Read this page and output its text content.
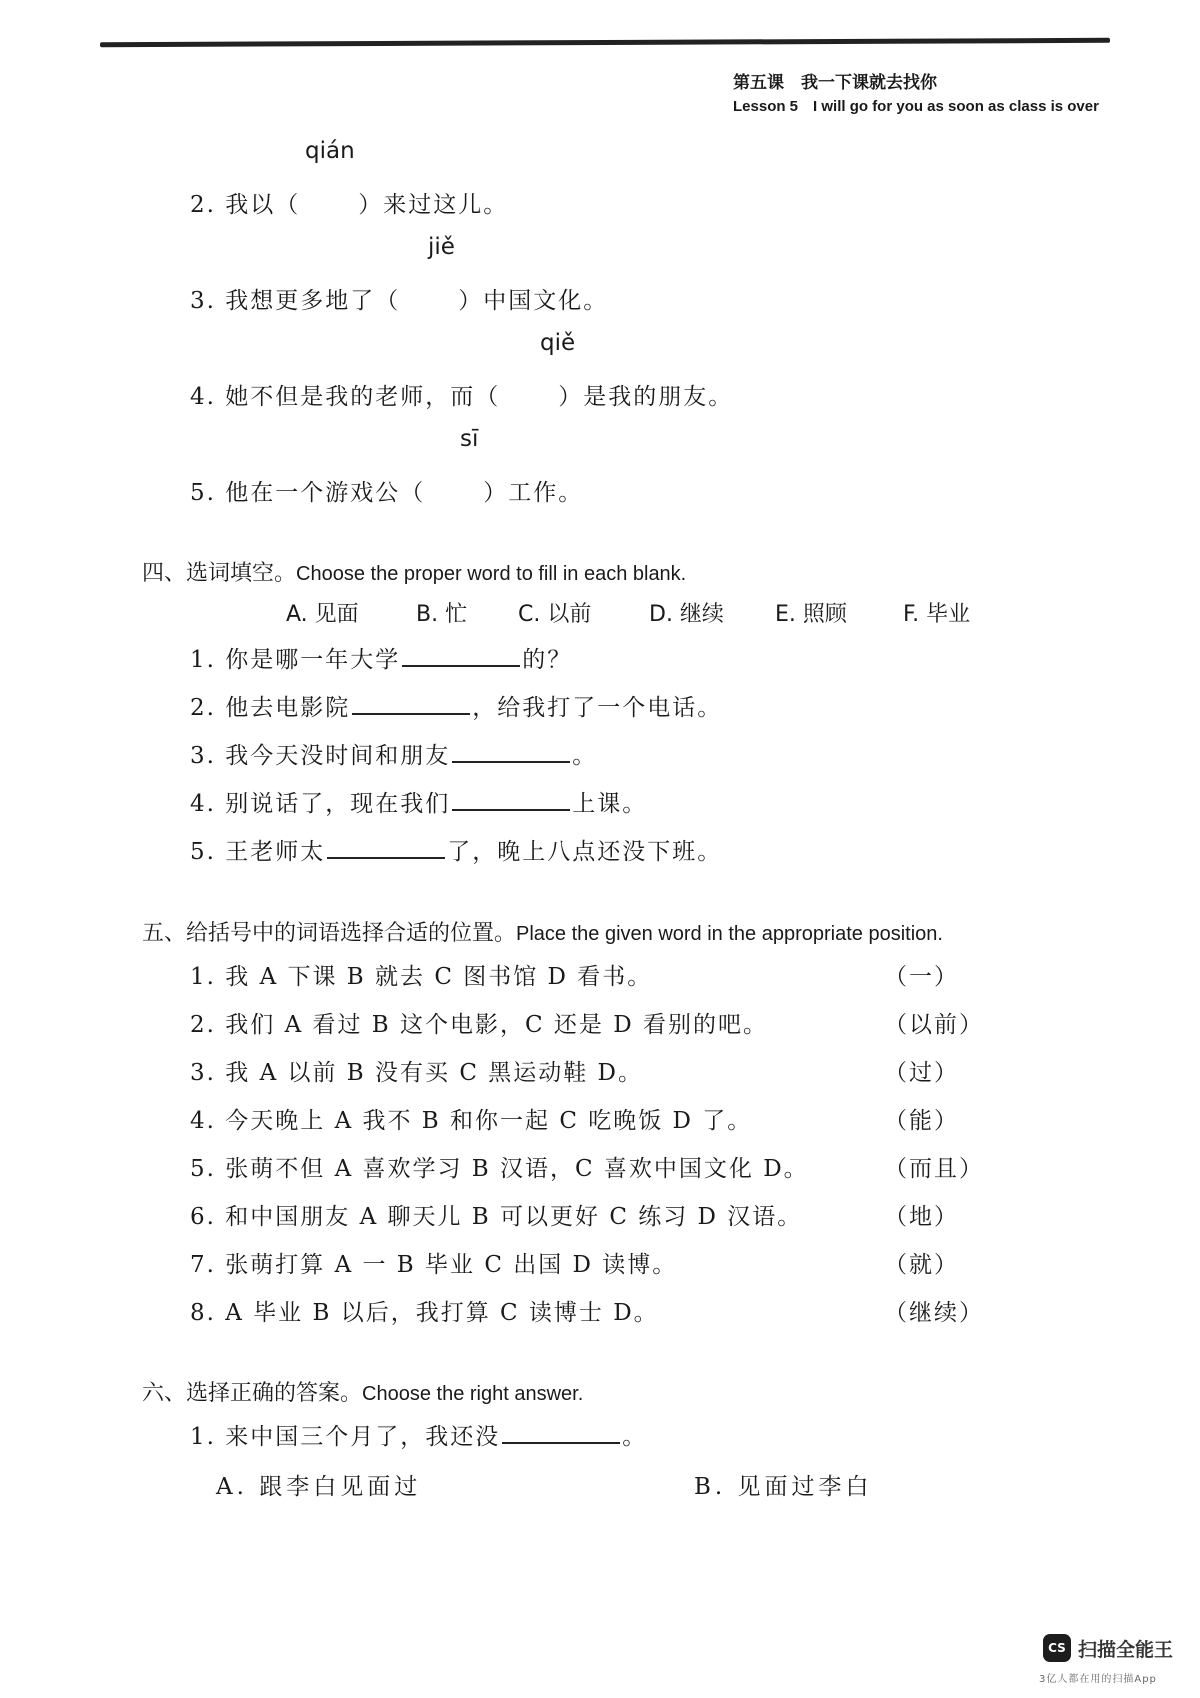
第五课　我一下课就去找你
Lesson 5　I will go for you as soon as class is over
qián
2. 我以（	）来过这儿。
jiě
3. 我想更多地了（	）中国文化。
qiě
4. 她不但是我的老师，而（	）是我的朋友。
sī
5. 他在一个游戏公（	）工作。
四、选词填空。Choose the proper word to fill in each blank.
A. 见面	B. 忙 C. 以前	D. 继续 E. 照顾	F. 毕业
1. 你是哪一年大学	的？
2. 他去电影院	，给我打了一个电话。
3. 我今天没时间和朋友	。
4. 别说话了，现在我们	上课。
5. 王老师太	了，晚上八点还没下班。
五、给括号中的词语选择合适的位置。Place the given word in the appropriate position.
1. 我 A 下课 B 就去 C 图书馆 D 看书。	（一）
2. 我们 A 看过 B 这个电影，C 还是 D 看别的吧。	（以前）
3. 我 A 以前 B 没有买 C 黑运动鞋 D。	（过）
4. 今天晚上 A 我不 B 和你一起 C 吃晚饭 D 了。	（能）
5. 张萌不但 A 喜欢学习 B 汉语，C 喜欢中国文化 D。	（而且）
6. 和中国朋友 A 聊天儿 B 可以更好 C 练习 D 汉语。	（地）
7. 张萌打算 A 一 B 毕业 C 出国 D 读博。	（就）
8. A 毕业 B 以后，我打算 C 读博士 D。	（继续）
六、选择正确的答案。Choose the right answer.
1. 来中国三个月了，我还没	。
A. 跟李白见面过	B. 见面过李白
CS 扫描全能王
3亿人都在用的扫描App
